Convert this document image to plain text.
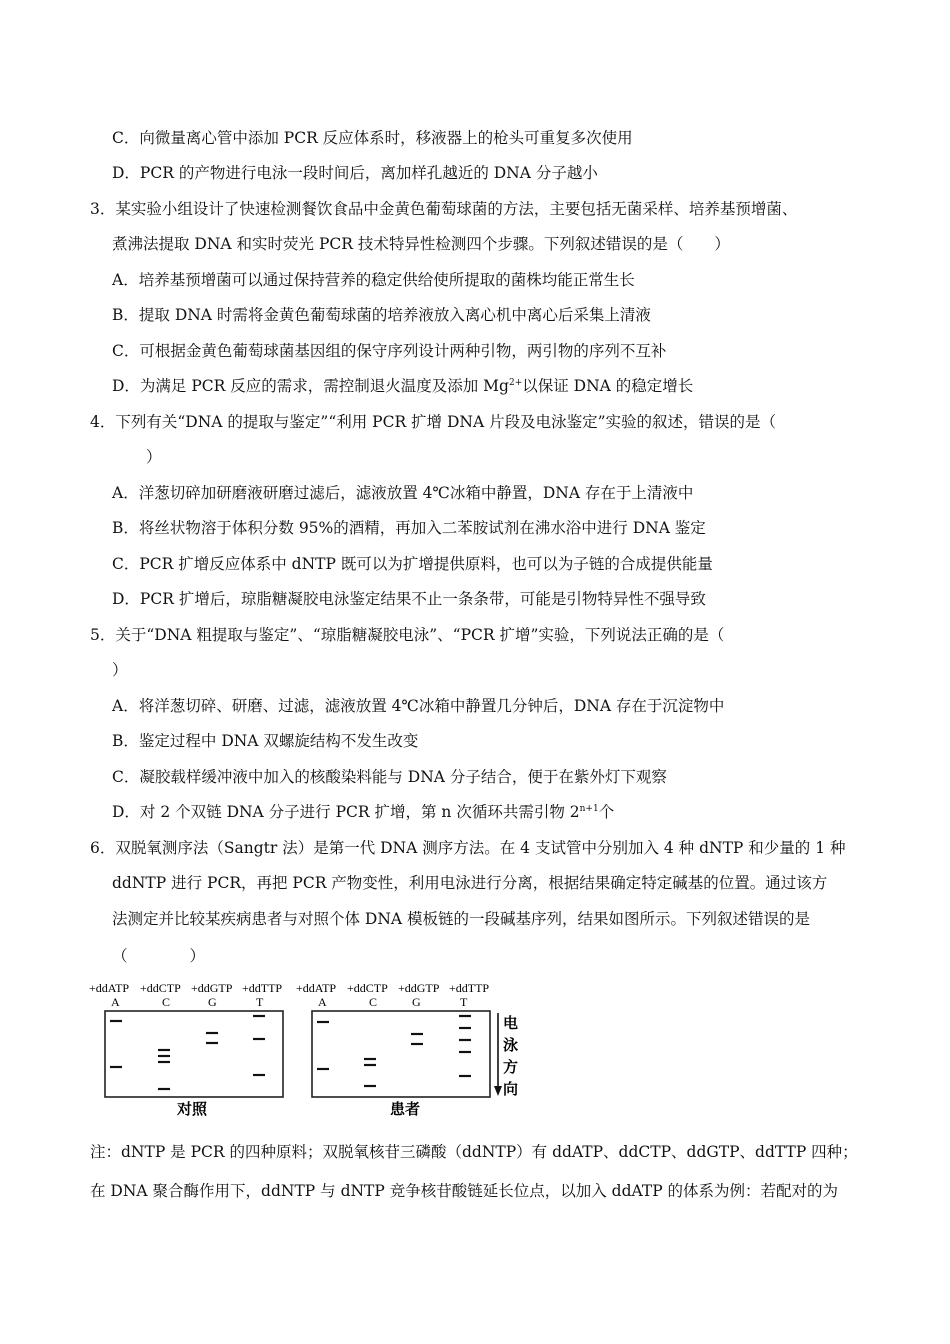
C．向微量离心管中添加 PCR 反应体系时，移液器上的枪头可重复多次使用
D．PCR 的产物进行电泳一段时间后，离加样孔越近的 DNA 分子越小
3．某实验小组设计了快速检测餐饮食品中金黄色葡萄球菌的方法，主要包括无菌采样、培养基预增菌、
煮沸法提取 DNA 和实时荧光 PCR 技术特异性检测四个步骤。下列叙述错误的是（　　）
A．培养基预增菌可以通过保持营养的稳定供给使所提取的菌株均能正常生长
B．提取 DNA 时需将金黄色葡萄球菌的培养液放入离心机中离心后采集上清液
C．可根据金黄色葡萄球菌基因组的保守序列设计两种引物，两引物的序列不互补
D．为满足 PCR 反应的需求，需控制退火温度及添加 $Mg^{2+}$以保证 DNA 的稳定增长
4．下列有关“DNA 的提取与鉴定”“利用 PCR 扩增 DNA 片段及电泳鉴定”实验的叙述，错误的是（
）
A．洋葱切碎加研磨液研磨过滤后，滤液放置 4℃冰箱中静置，DNA 存在于上清液中
B．将丝状物溶于体积分数 95%的酒精，再加入二苯胺试剂在沸水浴中进行 DNA 鉴定
C．PCR 扩增反应体系中 dNTP 既可以为扩增提供原料，也可以为子链的合成提供能量
D．PCR 扩增后，琼脂糖凝胶电泳鉴定结果不止一条条带，可能是引物特异性不强导致
5．关于“DNA 粗提取与鉴定”、“琼脂糖凝胶电泳”、“PCR 扩增”实验，下列说法正确的是（
）
A．将洋葱切碎、研磨、过滤，滤液放置 4℃冰箱中静置几分钟后，DNA 存在于沉淀物中
B．鉴定过程中 DNA 双螺旋结构不发生改变
C．凝胶载样缓冲液中加入的核酸染料能与 DNA 分子结合，便于在紫外灯下观察
D．对 2 个双链 DNA 分子进行 PCR 扩增，第 n 次循环共需引物 $2^{n+1}$个
6．双脱氧测序法（Sangtr 法）是第一代 DNA 测序方法。在 4 支试管中分别加入 4 种 dNTP 和少量的 1 种
ddNTP 进行 PCR，再把 PCR 产物变性，利用电泳进行分离，根据结果确定特定碱基的位置。通过该方
法测定并比较某疾病患者与对照个体 DNA 模板链的一段碱基序列，结果如图所示。下列叙述错误的是
（　　　　）
+ddATP +ddCTP +ddGTP +ddTTP
A	C	G	T
+ddATP +ddCTP +ddGTP +ddTTP
A	C	G	T
电
泳
方
向
对照	患者
注：dNTP 是 PCR 的四种原料；双脱氧核苷三磷酸（ddNTP）有 ddATP、ddCTP、ddGTP、ddTTP 四种；
在 DNA 聚合酶作用下，ddNTP 与 dNTP 竞争核苷酸链延长位点，以加入 ddATP 的体系为例：若配对的为
